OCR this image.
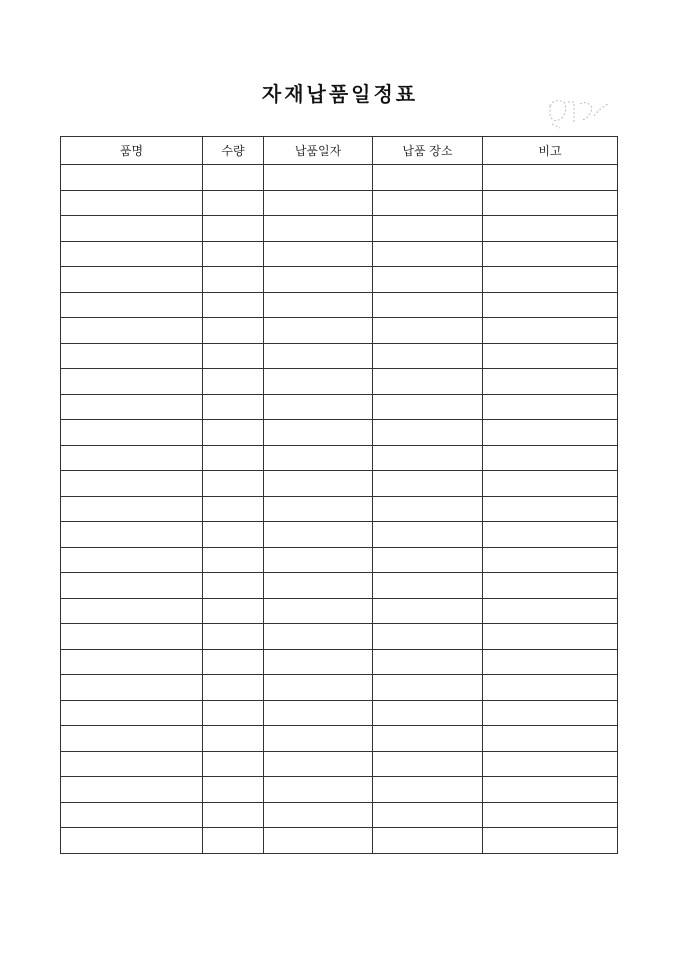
자재납품일정표
품명	수량	납품일자	납품 장소	비고
